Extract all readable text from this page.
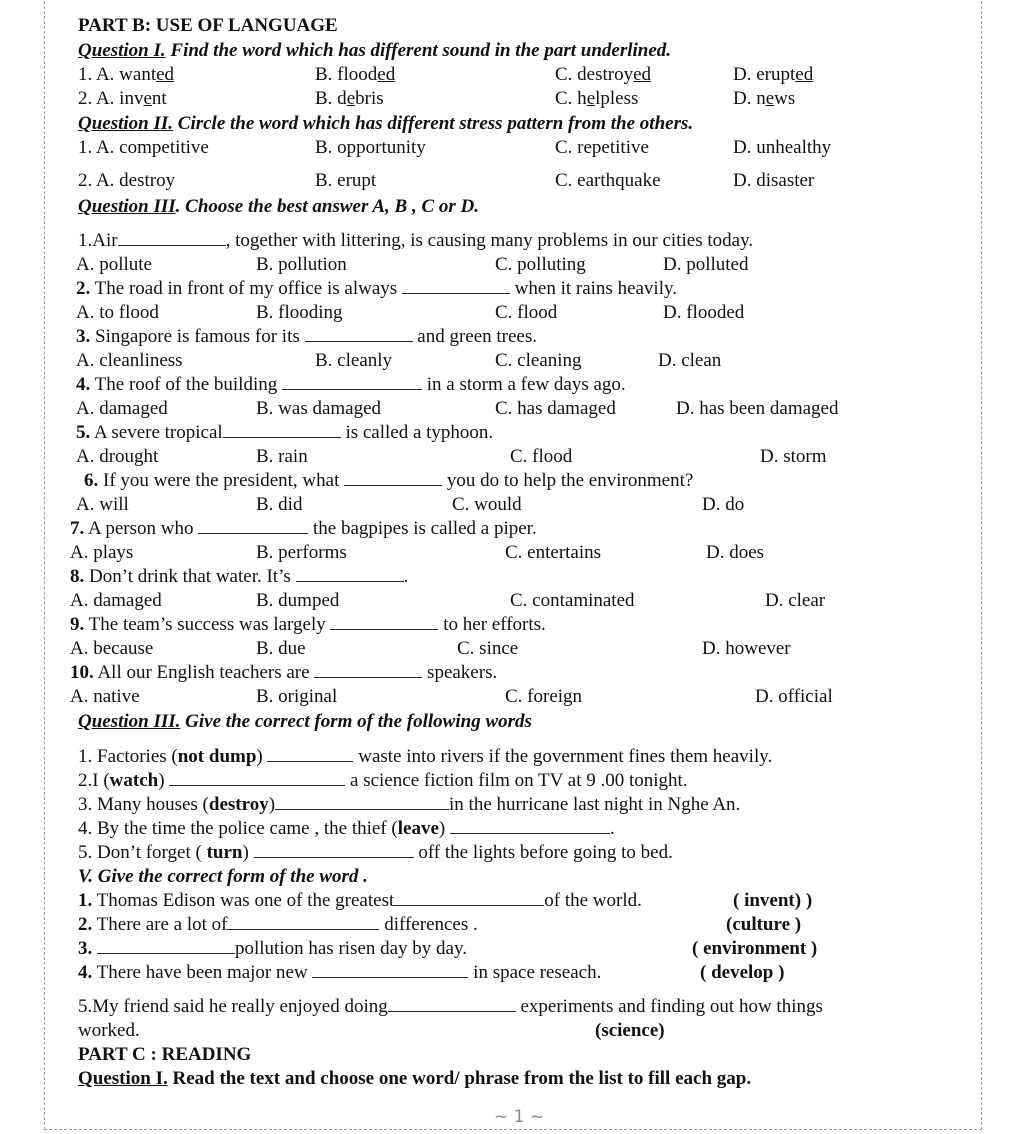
PART B: USE OF LANGUAGE
Question I. Find the word which has different sound in the part underlined.
1. A. wanted	B. flooded	C. destroyed	D. erupted
2. A. invent	B. debris	C. helpless	D. news
Question II. Circle the word which has different stress pattern from the others.
1. A. competitive	B. opportunity	C. repetitive	D. unhealthy
2. A. destroy	B. erupt	C. earthquake	D. disaster
Question III. Choose the best answer A, B , C or D.
1.Air	, together with littering, is causing many problems in our cities today.
A. pollute	B. pollution	C. polluting	D. polluted
2. The road in front of my office is always	when it rains heavily.
A. to flood	B. flooding	C. flood	D. flooded
3. Singapore is famous for its	and green trees.
A. cleanliness	B. cleanly	C. cleaning	D. clean
4. The roof of the building	in a storm a few days ago.
A. damaged	B. was damaged	C. has damaged	D. has been damaged
5. A severe tropical	is called a typhoon.
A. drought	B. rain	C. flood	D. storm
6. If you were the president, what	you do to help the environment?
A. will	B. did	C. would	D. do
7. A person who	the bagpipes is called a piper.
A. plays	B. performs	C. entertains	D. does
8. Don’t drink that water. It’s	.
A. damaged	B. dumped	C. contaminated	D. clear
9. The team’s success was largely	to her efforts.
A. because	B. due	C. since	D. however
10. All our English teachers are	speakers.
A. native	B. original	C. foreign	D. official
Question III. Give the correct form of the following words
1. Factories (not dump)	waste into rivers if the government fines them heavily.
2.I (watch)	a science fiction film on TV at 9 .00 tonight.
3. Many houses (destroy)	in the hurricane last night in Nghe An.
4. By the time the police came , the thief (leave)	.
5. Don’t forget ( turn)	off the lights before going to bed.
V. Give the correct form of the word .
1. Thomas Edison was one of the greatest	of the world.	( invent) )
2. There are a lot of	differences .	(culture )
3.	pollution has risen day by day.	( environment )
4. There have been major new	in space reseach.	( develop )
5.My friend said he really enjoyed doing	experiments and finding out how things
worked.	(science)
PART C : READING
Question I. Read the text and choose one word/ phrase from the list to fill each gap.
~ 1 ~
